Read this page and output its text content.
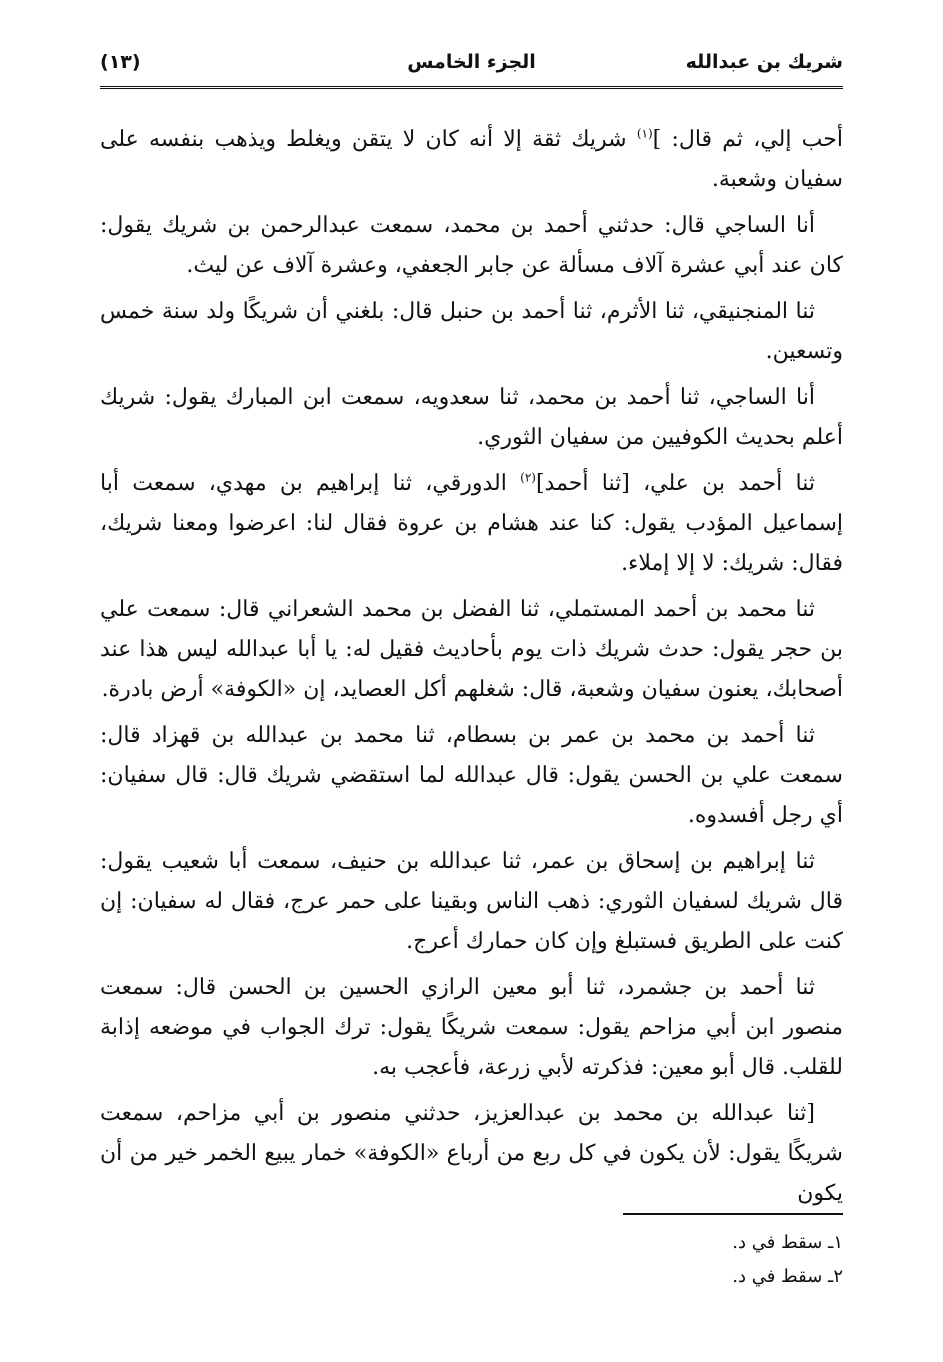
شريك بن عبدالله
الجزء الخامس
(١٣)

أحب إلي، ثم قال: ]$^{(١)}$ شريك ثقة إلا أنه كان لا يتقن ويغلط ويذهب بنفسه على سفيان وشعبة.

أنا الساجي قال: حدثني أحمد بن محمد، سمعت عبدالرحمن بن شريك يقول: كان عند أبي عشرة آلاف مسألة عن جابر الجعفي، وعشرة آلاف عن ليث.

ثنا المنجنيقي، ثنا الأثرم، ثنا أحمد بن حنبل قال: بلغني أن شريكًا ولد سنة خمس وتسعين.

أنا الساجي، ثنا أحمد بن محمد، ثنا سعدويه، سمعت ابن المبارك يقول: شريك أعلم بحديث الكوفيين من سفيان الثوري.

ثنا أحمد بن علي، [ثنا أحمد]$^{(٢)}$ الدورقي، ثنا إبراهيم بن مهدي، سمعت أبا إسماعيل المؤدب يقول: كنا عند هشام بن عروة فقال لنا: اعرضوا ومعنا شريك، فقال: شريك: لا إلا إملاء.

ثنا محمد بن أحمد المستملي، ثنا الفضل بن محمد الشعراني قال: سمعت علي بن حجر يقول: حدث شريك ذات يوم بأحاديث فقيل له: يا أبا عبدالله ليس هذا عند أصحابك، يعنون سفيان وشعبة، قال: شغلهم أكل العصايد، إن «الكوفة» أرض بادرة.

ثنا أحمد بن محمد بن عمر بن بسطام، ثنا محمد بن عبدالله بن قهزاد قال: سمعت علي بن الحسن يقول: قال عبدالله لما استقضي شريك قال: قال سفيان: أي رجل أفسدوه.

ثنا إبراهيم بن إسحاق بن عمر، ثنا عبدالله بن حنيف، سمعت أبا شعيب يقول: قال شريك لسفيان الثوري: ذهب الناس وبقينا على حمر عرج، فقال له سفيان: إن كنت على الطريق فستبلغ وإن كان حمارك أعرج.

ثنا أحمد بن جشمرد، ثنا أبو معين الرازي الحسين بن الحسن قال: سمعت منصور ابن أبي مزاحم يقول: سمعت شريكًا يقول: ترك الجواب في موضعه إذابة للقلب. قال أبو معين: فذكرته لأبي زرعة، فأعجب به.

[ثنا عبدالله بن محمد بن عبدالعزيز، حدثني منصور بن أبي مزاحم، سمعت شريكًا يقول: لأن يكون في كل ربع من أرباع «الكوفة» خمار يبيع الخمر خير من أن يكون

١ـ سقط في د.
٢ـ سقط في د.
